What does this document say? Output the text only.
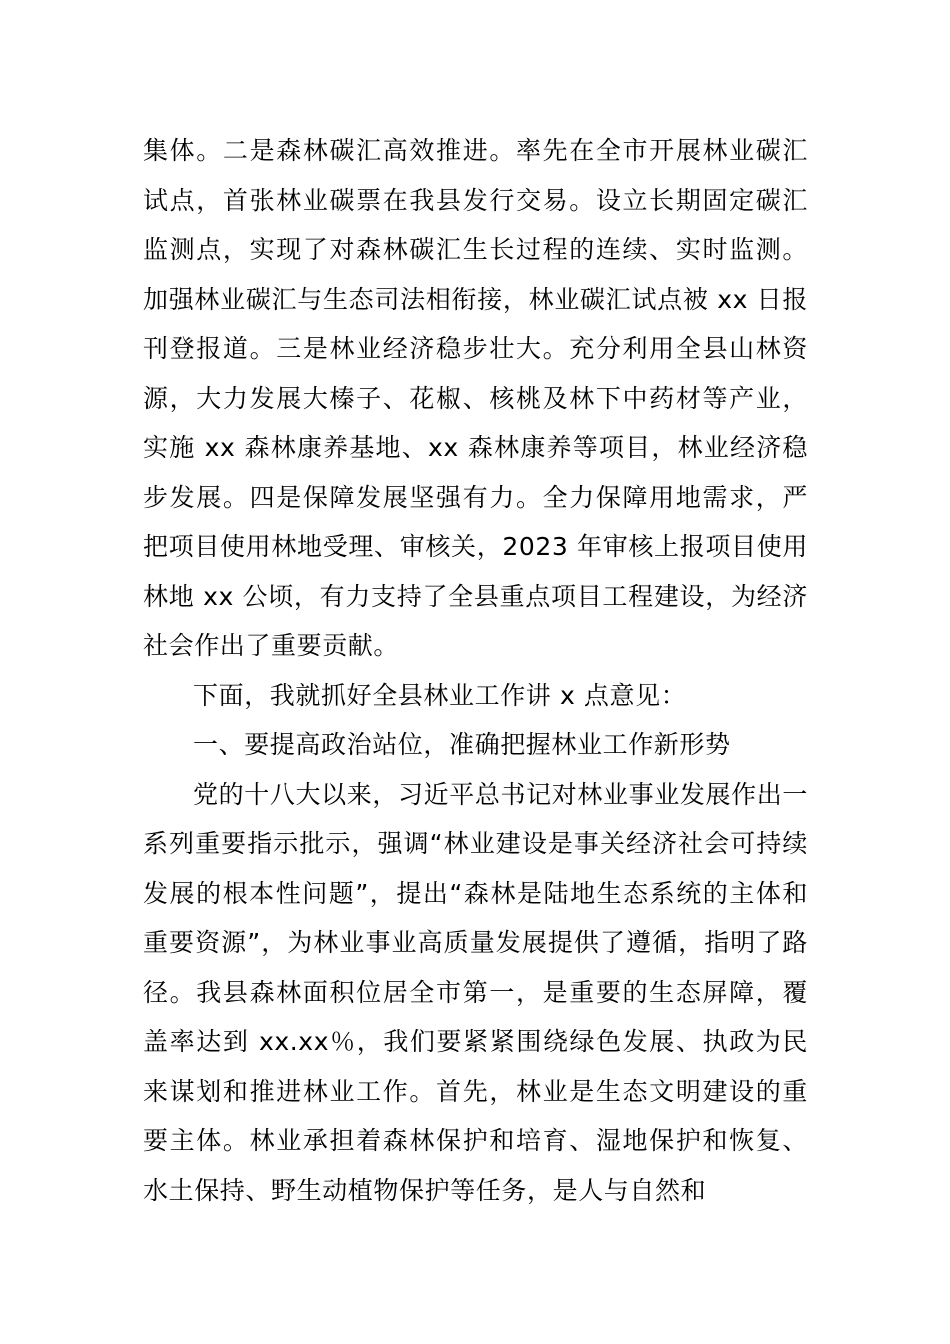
集体。二是森林碳汇高效推进。率先在全市开展林业碳汇试点，首张林业碳票在我县发行交易。设立长期固定碳汇监测点，实现了对森林碳汇生长过程的连续、实时监测。加强林业碳汇与生态司法相衔接，林业碳汇试点被 xx 日报刊登报道。三是林业经济稳步壮大。充分利用全县山林资源，大力发展大榛子、花椒、核桃及林下中药材等产业，实施 xx 森林康养基地、xx 森林康养等项目，林业经济稳步发展。四是保障发展坚强有力。全力保障用地需求，严把项目使用林地受理、审核关，2023 年审核上报项目使用林地 xx 公顷，有力支持了全县重点项目工程建设，为经济社会作出了重要贡献。

下面，我就抓好全县林业工作讲 x 点意见：

一、要提高政治站位，准确把握林业工作新形势

党的十八大以来，习近平总书记对林业事业发展作出一系列重要指示批示，强调“林业建设是事关经济社会可持续发展的根本性问题”，提出“森林是陆地生态系统的主体和重要资源”，为林业事业高质量发展提供了遵循，指明了路径。我县森林面积位居全市第一，是重要的生态屏障，覆盖率达到 xx.xx％，我们要紧紧围绕绿色发展、执政为民来谋划和推进林业工作。首先，林业是生态文明建设的重要主体。林业承担着森林保护和培育、湿地保护和恢复、水土保持、野生动植物保护等任务，是人与自然和
